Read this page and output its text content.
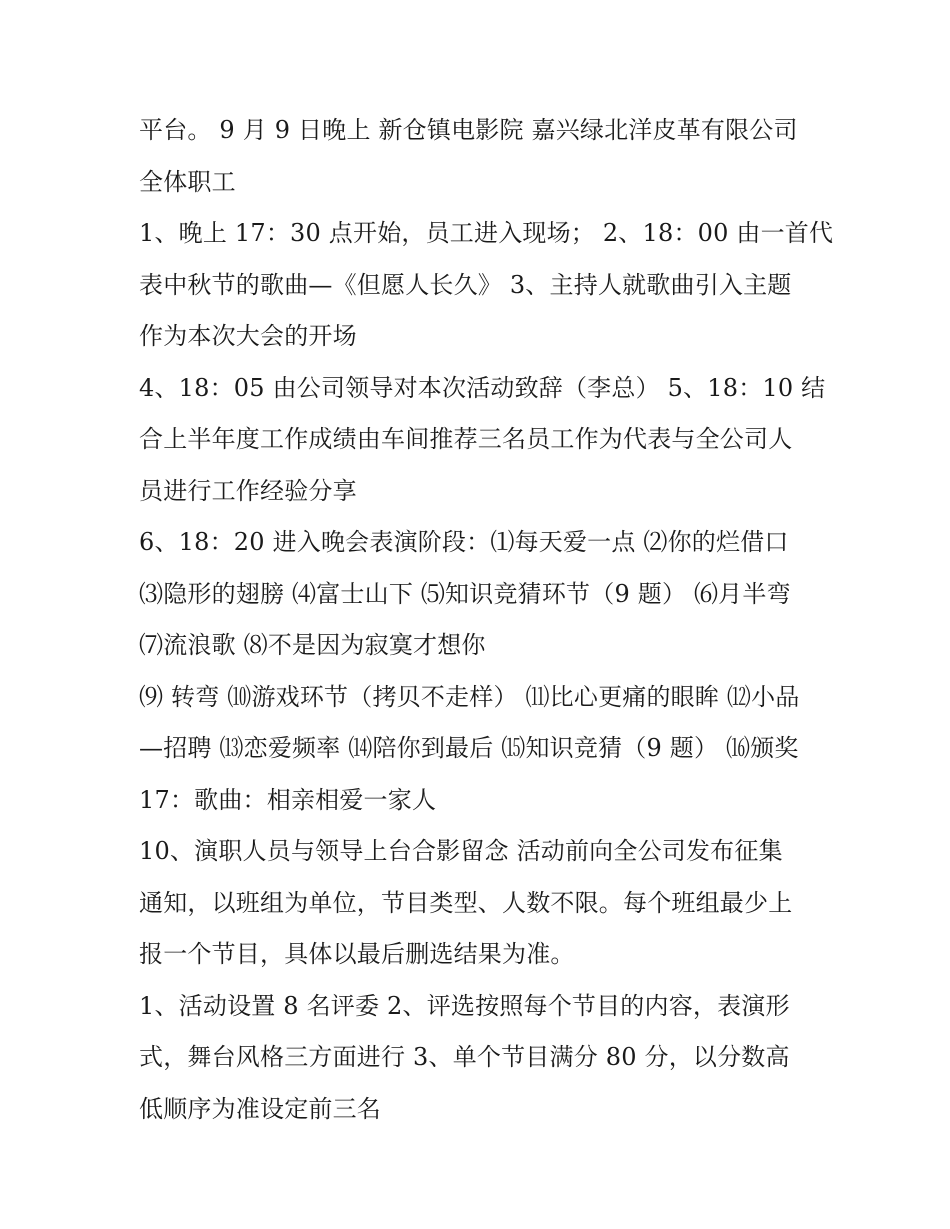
平台。 9 月 9 日晚上 新仓镇电影院 嘉兴绿北洋皮革有限公司
全体职工
1、晚上 17：30 点开始，员工进入现场； 2、18：00 由一首代
表中秋节的歌曲—《但愿人长久》 3、主持人就歌曲引入主题
作为本次大会的开场
4、18：05 由公司领导对本次活动致辞（李总） 5、18：10 结
合上半年度工作成绩由车间推荐三名员工作为代表与全公司人
员进行工作经验分享
6、18：20 进入晚会表演阶段：⑴每天爱一点 ⑵你的烂借口
⑶隐形的翅膀 ⑷富士山下 ⑸知识竞猜环节（9 题） ⑹月半弯
⑺流浪歌 ⑻不是因为寂寞才想你
⑼ 转弯 ⑽游戏环节（拷贝不走样） ⑾比心更痛的眼眸 ⑿小品
—招聘 ⒀恋爱频率 ⒁陪你到最后 ⒂知识竞猜（9 题） ⒃颁奖
17：歌曲：相亲相爱一家人
10、演职人员与领导上台合影留念 活动前向全公司发布征集
通知，以班组为单位，节目类型、人数不限。每个班组最少上
报一个节目，具体以最后删选结果为准。
1、活动设置 8 名评委 2、评选按照每个节目的内容，表演形
式，舞台风格三方面进行 3、单个节目满分 80 分，以分数高
低顺序为准设定前三名
